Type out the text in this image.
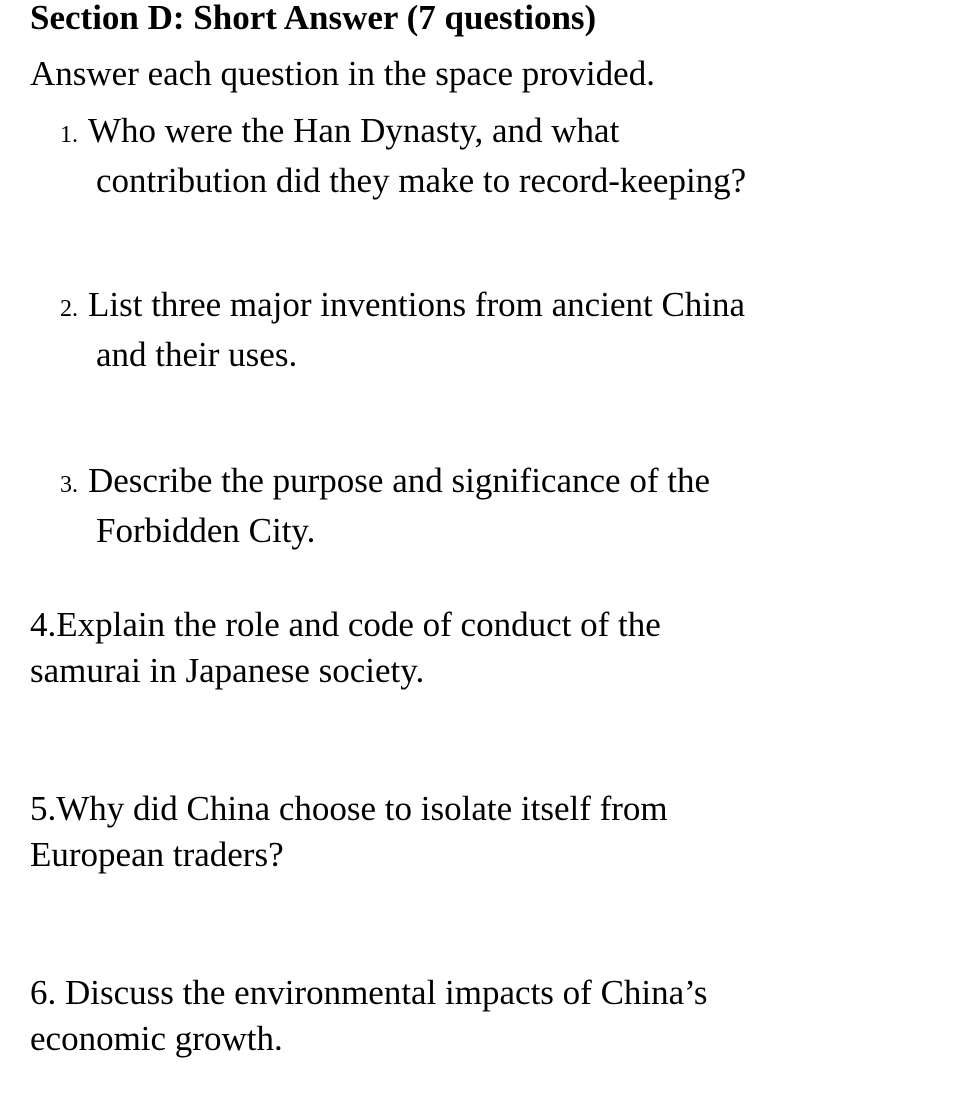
Section D: Short Answer (7 questions)

Answer each question in the space provided.

1. Who were the Han Dynasty, and what
contribution did they make to record-keeping?
2. List three major inventions from ancient China
and their uses.
3. Describe the purpose and significance of the
Forbidden City.
4.Explain the role and code of conduct of the
samurai in Japanese society.
5.Why did China choose to isolate itself from
European traders?
6. Discuss the environmental impacts of China’s
economic growth.
